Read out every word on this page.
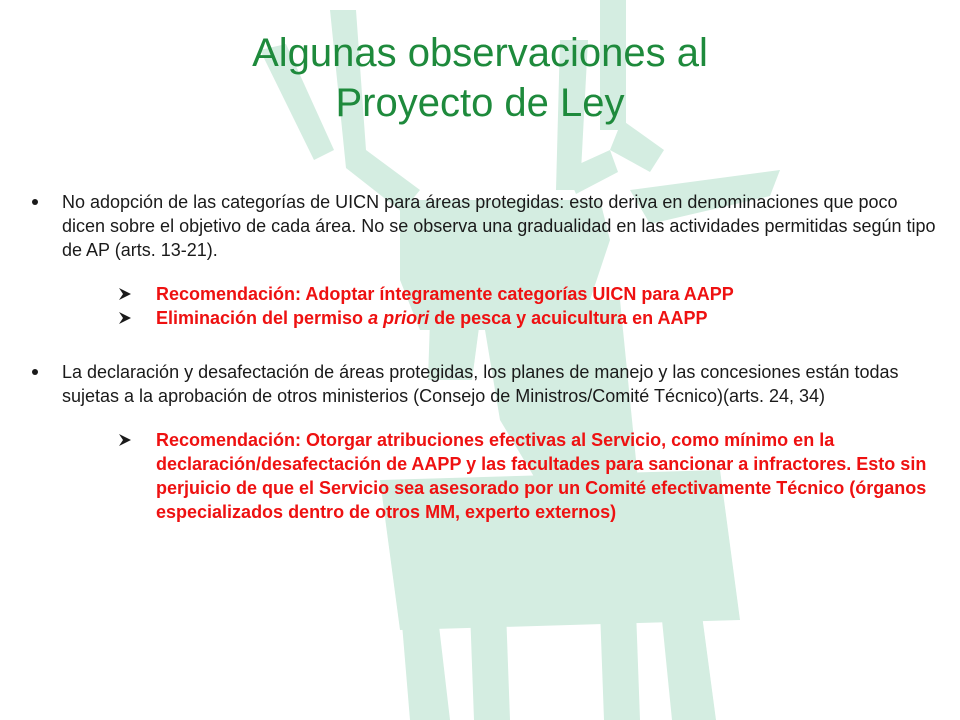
Algunas observaciones al
Proyecto de Ley
No adopción de las categorías de UICN para áreas protegidas: esto deriva en denominaciones que poco dicen sobre el objetivo de cada área. No se observa una gradualidad en las actividades permitidas según tipo de AP (arts. 13-21).
Recomendación: Adoptar íntegramente categorías UICN para AAPP
Eliminación del permiso a priori de pesca y acuicultura en AAPP
La declaración y desafectación de áreas protegidas, los planes de manejo y las concesiones están todas sujetas a la aprobación de otros ministerios (Consejo de Ministros/Comité Técnico)(arts. 24, 34)
Recomendación: Otorgar atribuciones efectivas al Servicio, como mínimo en la declaración/desafectación de AAPP y las facultades para sancionar a infractores. Esto sin perjuicio de que el Servicio sea asesorado por un Comité efectivamente Técnico (órganos especializados dentro de otros MM, experto externos)
